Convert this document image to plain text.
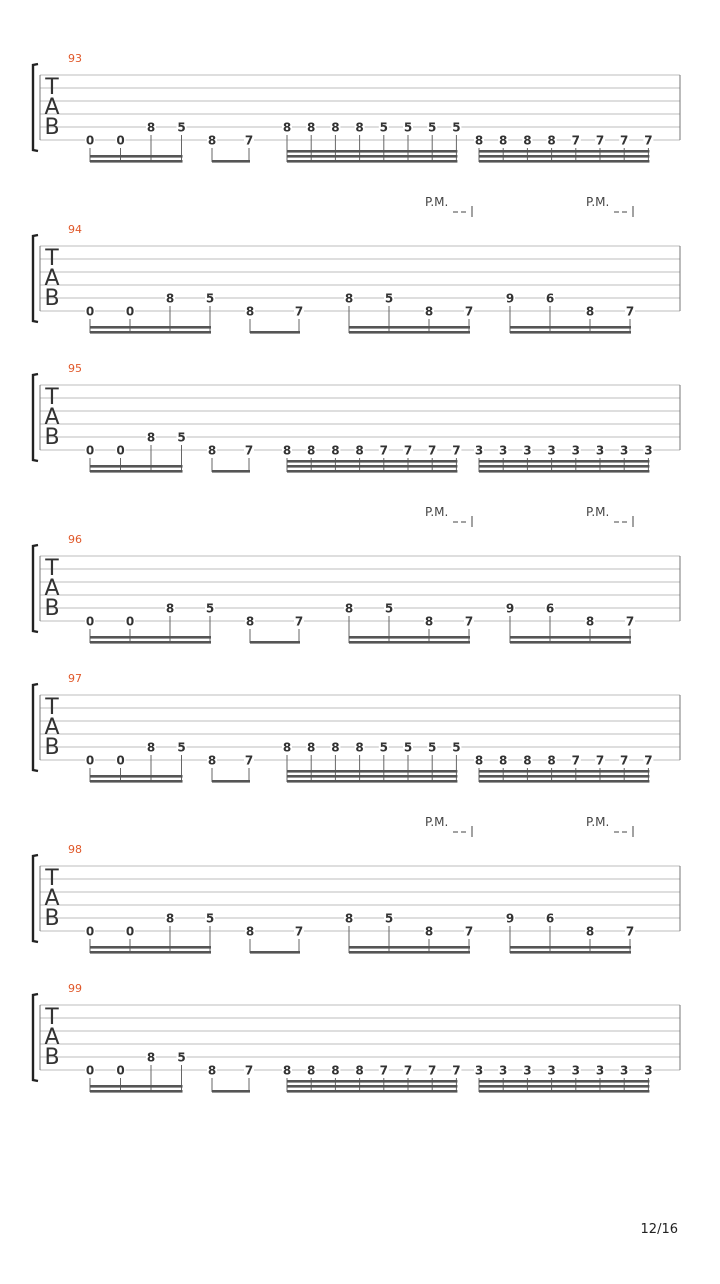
T
A
B
93
0 0
8 5
8 7
8 8 8 8 5 5 5 5
8 8 8 8 7 7 7 7
T
A
B
94
P.M.	P.M.
0	0
8	5
8	7
8	5
8	7
9	6
8	7
T
A
B
95
0 0
8 5
8 7 8 8 8 8 7 7 7 7 3 3 3 3 3 3 3 3
T
A
B
96
P.M.	P.M.
0	0
8	5
8	7
8	5
8	7
9	6
8	7
T
A
B
97
0 0
8 5
8 7
8 8 8 8 5 5 5 5
8 8 8 8 7 7 7 7
T
A
B
98
P.M.	P.M.
0	0
8	5
8	7
8	5
8	7
9	6
8	7
T
A
B
99
0 0
8 5
8 7 8 8 8 8 7 7 7 7 3 3 3 3 3 3 3 3
12/16
